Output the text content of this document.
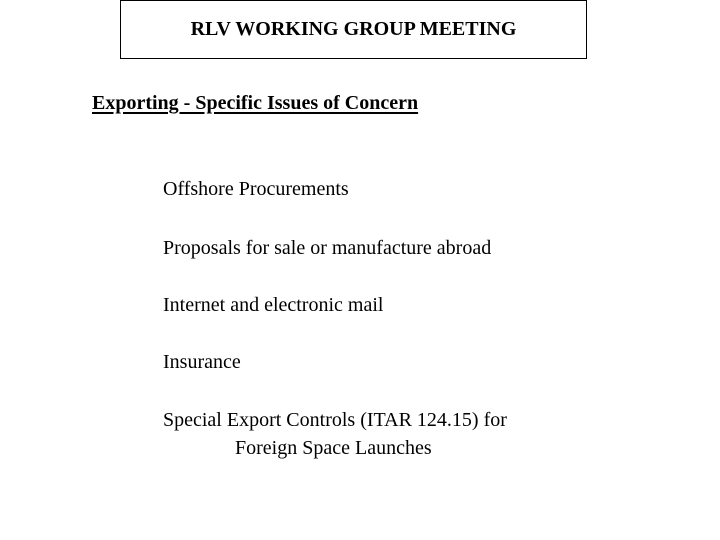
RLV WORKING GROUP MEETING
Exporting - Specific Issues of Concern
Offshore Procurements
Proposals for sale or manufacture abroad
Internet and electronic mail
Insurance
Special Export Controls (ITAR 124.15) for
Foreign Space Launches
